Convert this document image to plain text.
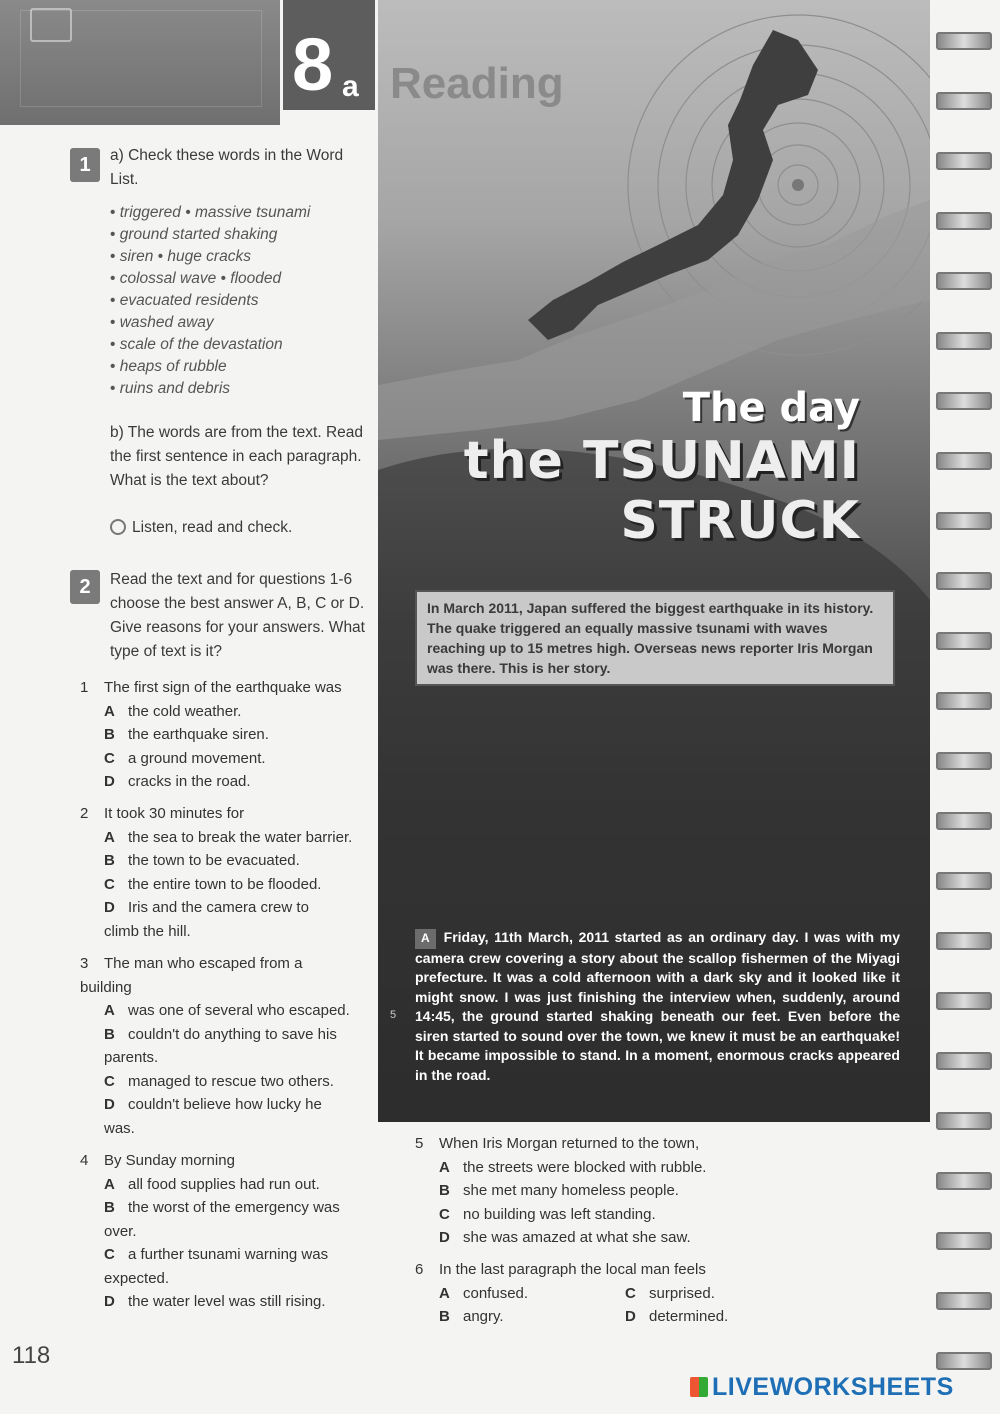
8 a Reading
The day
the TSUNAMI
STRUCK
In March 2011, Japan suffered the biggest earthquake in its history. The quake triggered an equally massive tsunami with waves reaching up to 15 metres high. Overseas news reporter Iris Morgan was there. This is her story.
5
A Friday, 11th March, 2011 started as an ordinary day. I was with my camera crew covering a story about the scallop fishermen of the Miyagi prefecture. It was a cold afternoon with a dark sky and it looked like it might snow. I was just finishing the interview when, suddenly, around 14:45, the ground started shaking beneath our feet. Even before the siren started to sound over the town, we knew it must be an earthquake! It became impossible to stand. In a moment, enormous cracks appeared in the road.
1	a) Check these words in the Word List.
• triggered • massive tsunami
• ground started shaking
• siren • huge cracks
• colossal wave • flooded
• evacuated residents
• washed away
• scale of the devastation
• heaps of rubble
• ruins and debris
b) The words are from the text. Read the first sentence in each paragraph. What is the text about?
Listen, read and check.
2	Read the text and for questions 1-6 choose the best answer A, B, C or D. Give reasons for your answers. What type of text is it?
1 The first sign of the earthquake was
A the cold weather.
B the earthquake siren.
C a ground movement.
D cracks in the road.
2 It took 30 minutes for
A the sea to break the water barrier.
B the town to be evacuated.
C the entire town to be flooded.
D Iris and the camera crew to climb the hill.
3 The man who escaped from a building
A was one of several who escaped.
B couldn't do anything to save his parents.
C managed to rescue two others.
D couldn't believe how lucky he was.
4 By Sunday morning
A all food supplies had run out.
B the worst of the emergency was over.
C a further tsunami warning was expected.
D the water level was still rising.
5 When Iris Morgan returned to the town,
A the streets were blocked with rubble.
B she met many homeless people.
C no building was left standing.
D she was amazed at what she saw.
6 In the last paragraph the local man feels
A confused.
B angry.
C surprised.
D determined.
118
LIVEWORKSHEETS
